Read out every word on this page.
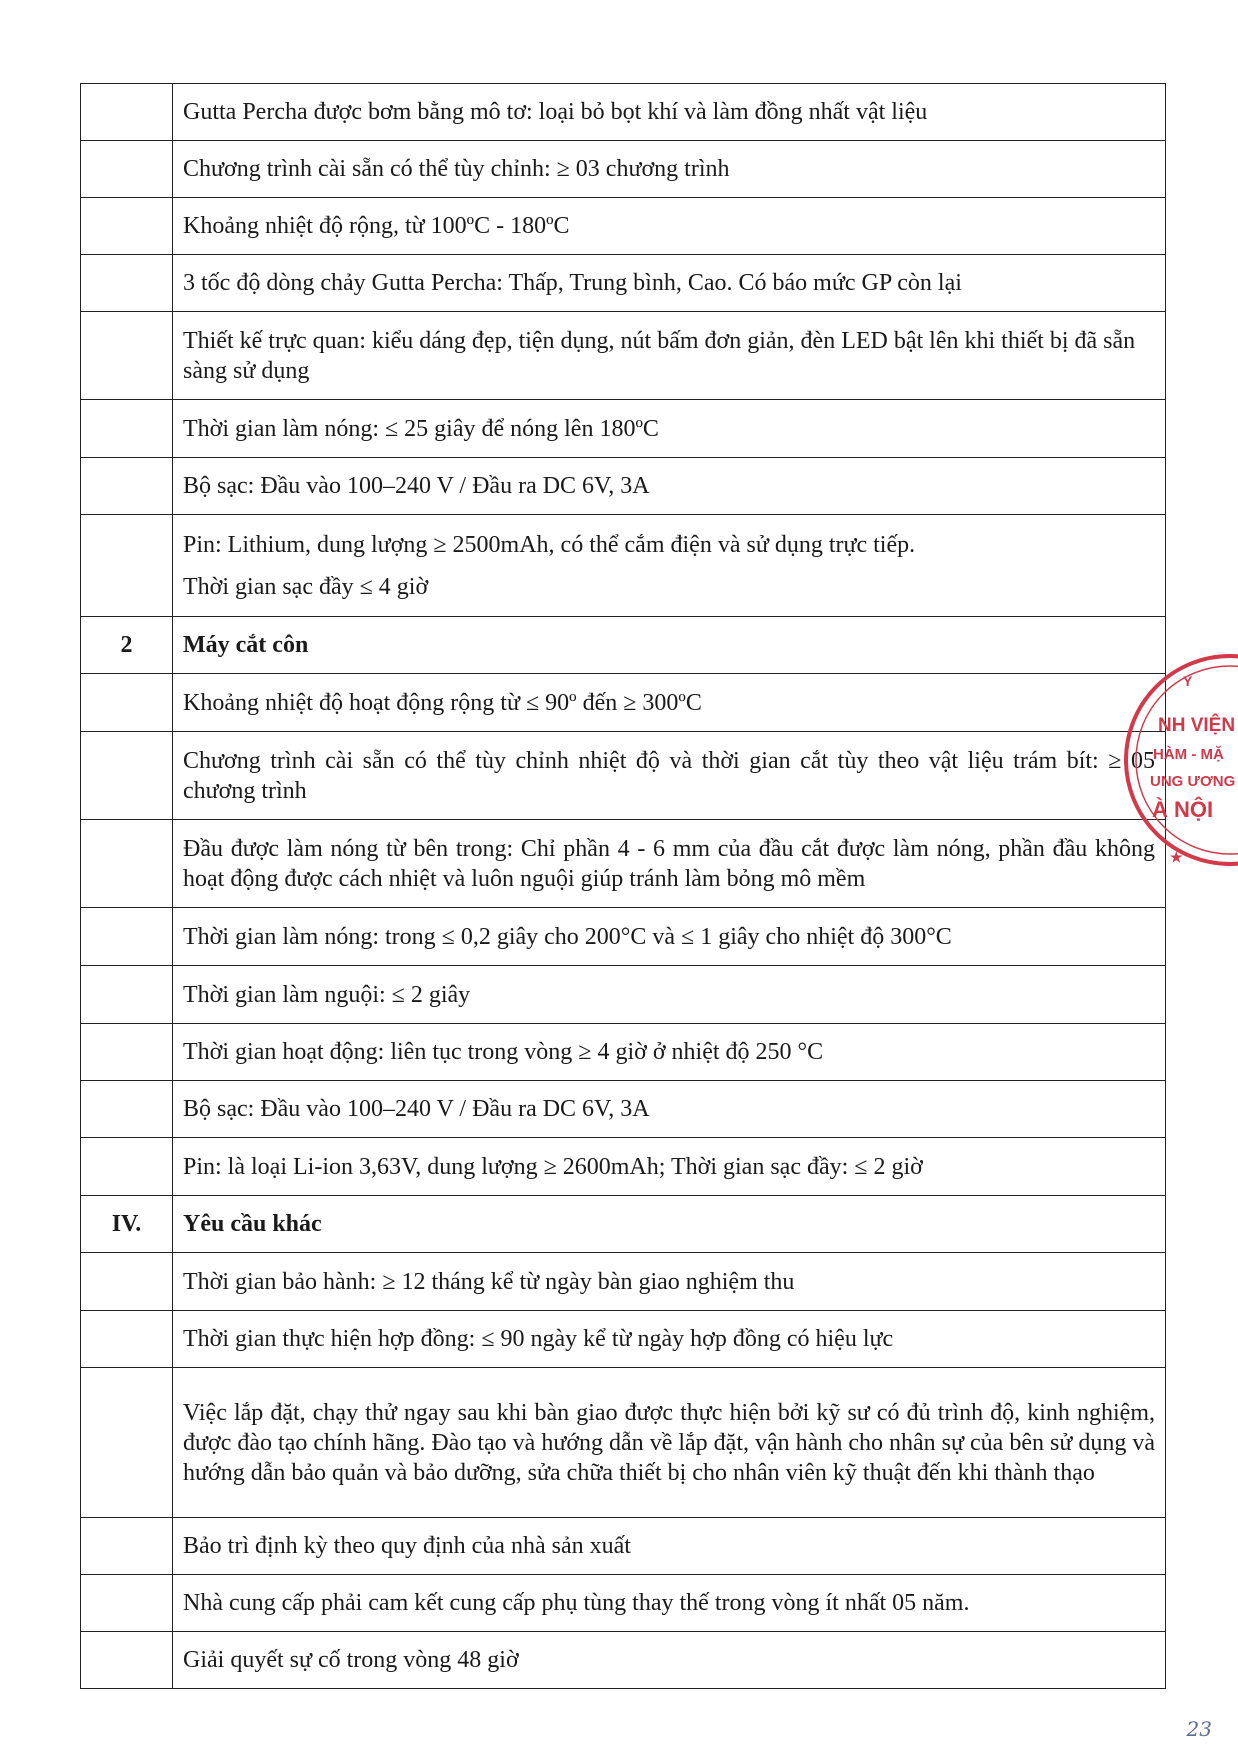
	Gutta Percha được bơm bằng mô tơ: loại bỏ bọt khí và làm đồng nhất vật liệu
	Chương trình cài sẵn có thể tùy chỉnh: ≥ 03 chương trình
	Khoảng nhiệt độ rộng, từ 100ºC - 180ºC
	3 tốc độ dòng chảy Gutta Percha: Thấp, Trung bình, Cao. Có báo mức GP còn lại
	Thiết kế trực quan: kiểu dáng đẹp, tiện dụng, nút bấm đơn giản, đèn LED bật lên khi thiết bị đã sẵn sàng sử dụng
	Thời gian làm nóng: ≤ 25 giây để nóng lên 180ºC
	Bộ sạc: Đầu vào 100–240 V / Đầu ra DC 6V, 3A

	Pin: Lithium, dung lượng ≥ 2500mAh, có thể cắm điện và sử dụng trực tiếp.
Thời gian sạc đầy ≤ 4 giờ

2	Máy cắt côn
	Khoảng nhiệt độ hoạt động rộng từ ≤ 90º đến ≥ 300ºC
	Chương trình cài sẵn có thể tùy chỉnh nhiệt độ và thời gian cắt tùy theo vật liệu trám bít: ≥ 05 chương trình
	Đầu được làm nóng từ bên trong: Chỉ phần 4 - 6 mm của đầu cắt được làm nóng, phần đầu không hoạt động được cách nhiệt và luôn nguội giúp tránh làm bỏng mô mềm
	Thời gian làm nóng: trong ≤ 0,2 giây cho 200°C và ≤ 1 giây cho nhiệt độ 300°C
	Thời gian làm nguội: ≤ 2 giây
	Thời gian hoạt động: liên tục trong vòng ≥ 4 giờ ở nhiệt độ 250 °C
	Bộ sạc: Đầu vào 100–240 V / Đầu ra DC 6V, 3A
	Pin: là loại Li-ion 3,63V, dung lượng ≥ 2600mAh; Thời gian sạc đầy: ≤ 2 giờ
IV.	Yêu cầu khác
	Thời gian bảo hành: ≥ 12 tháng kể từ ngày bàn giao nghiệm thu
	Thời gian thực hiện hợp đồng: ≤ 90 ngày kể từ ngày hợp đồng có hiệu lực
	Việc lắp đặt, chạy thử ngay sau khi bàn giao được thực hiện bởi kỹ sư có đủ trình độ, kinh nghiệm, được đào tạo chính hãng. Đào tạo và hướng dẫn về lắp đặt, vận hành cho nhân sự của bên sử dụng và hướng dẫn bảo quản và bảo dưỡng, sửa chữa thiết bị cho nhân viên kỹ thuật đến khi thành thạo
	Bảo trì định kỳ theo quy định của nhà sản xuất
	Nhà cung cấp phải cam kết cung cấp phụ tùng thay thế trong vòng ít nhất 05 năm.
	Giải quyết sự cố trong vòng 48 giờ
Y
NH VIỆN
HÀM - MẶ
UNG ƯƠNG
À NỘI
★
23
